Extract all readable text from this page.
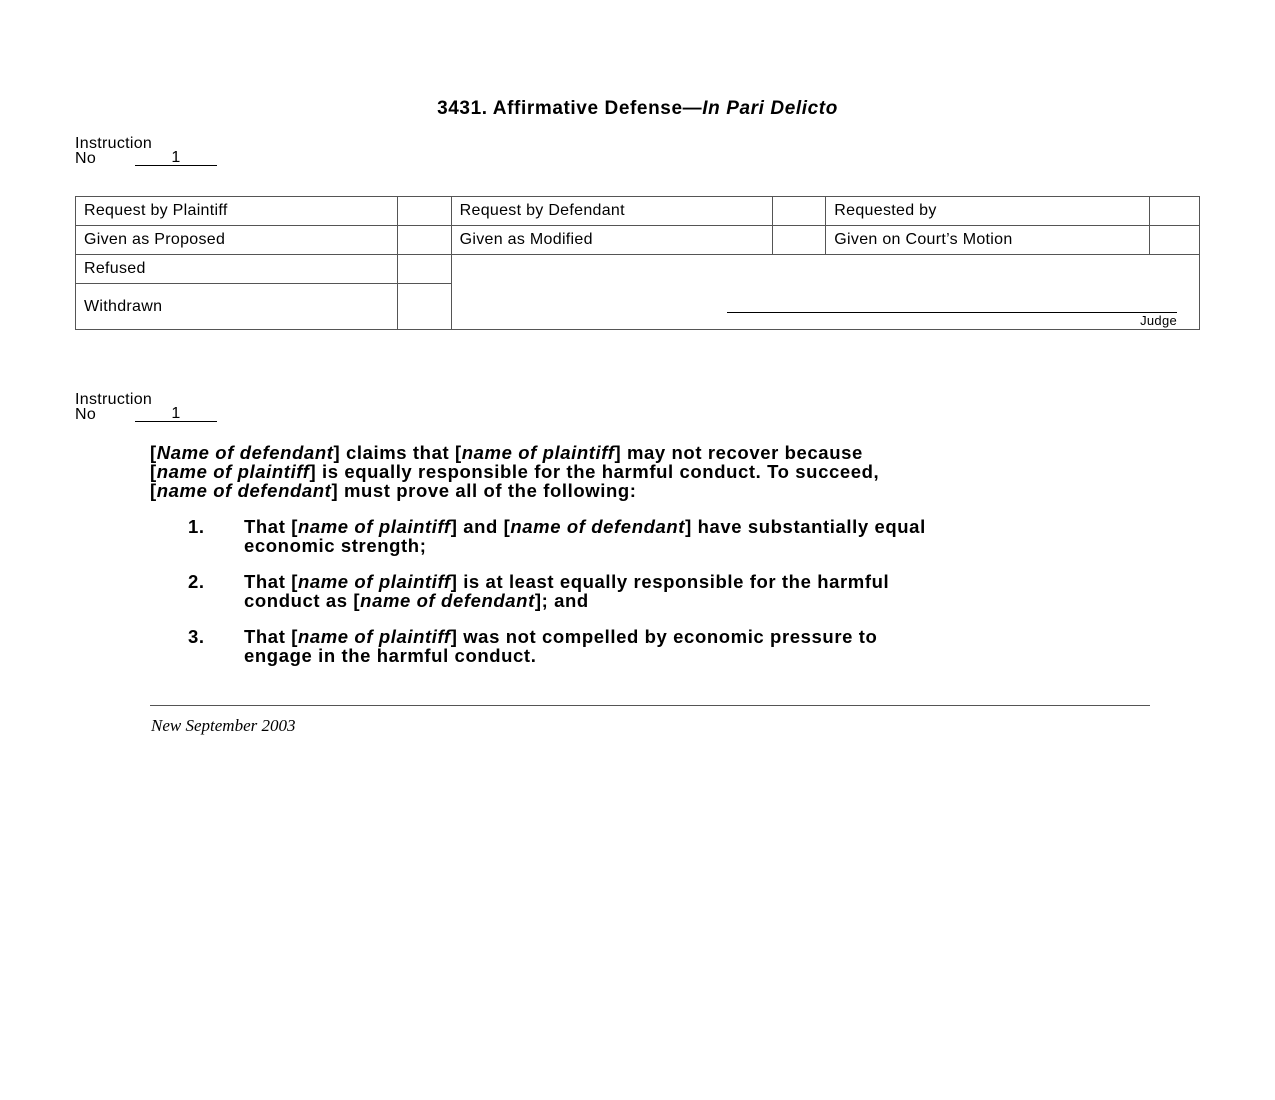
3431. Affirmative Defense—In Pari Delicto
Instruction
No	1
Request by Plaintiff		Request by Defendant		Requested by	
Given as Proposed		Given as Modified		Given on Court’s Motion	
Refused		Judge			

Withdrawn					
Instruction
No	1

[Name of defendant] claims that [name of plaintiff] may not recover because
[name of plaintiff] is equally responsible for the harmful conduct. To succeed,
[name of defendant] must prove all of the following:

1. That [name of plaintiff] and [name of defendant] have substantially equal
economic strength;
2. That [name of plaintiff] is at least equally responsible for the harmful
conduct as [name of defendant]; and
3. That [name of plaintiff] was not compelled by economic pressure to
engage in the harmful conduct.
New September 2003
